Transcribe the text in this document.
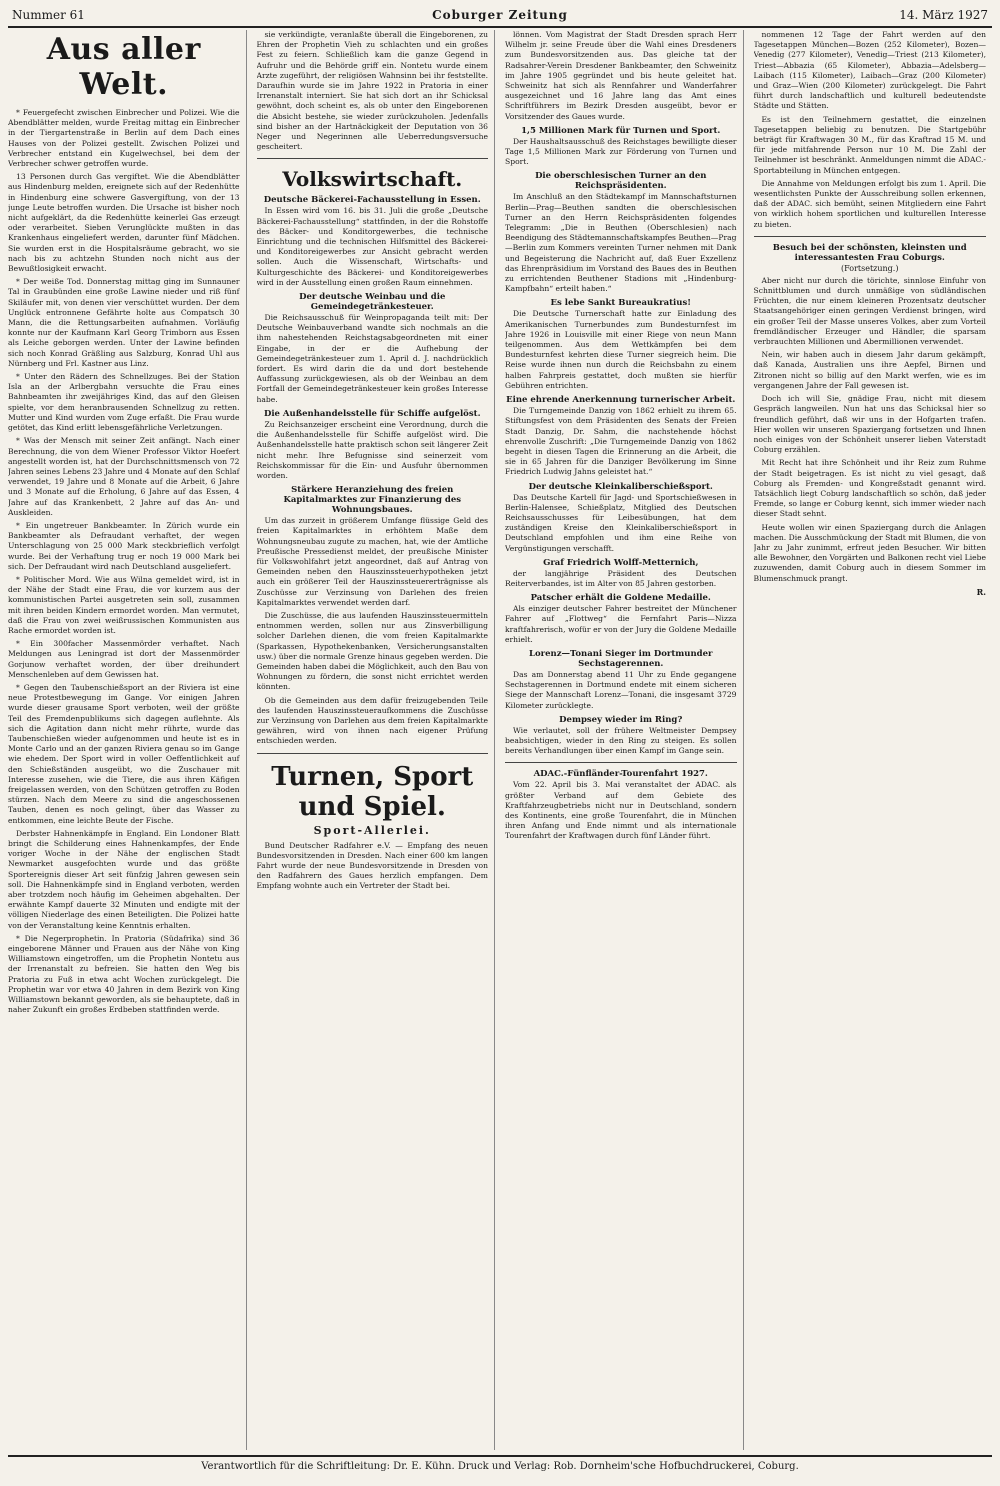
Nummer 61	Coburger Zeitung	14. März 1927
Aus aller Welt.

* Feuergefecht zwischen Einbrecher und Polizei. Wie die Abendblätter melden, wurde Freitag mittag ein Einbrecher in der Tiergartenstraße in Berlin auf dem Dach eines Hauses von der Polizei gestellt. Zwischen Polizei und Verbrecher entstand ein Kugelwechsel, bei dem der Verbrecher schwer getroffen wurde.

13 Personen durch Gas vergiftet. Wie die Abendblätter aus Hindenburg melden, ereignete sich auf der Redenhütte in Hindenburg eine schwere Gasvergiftung, von der 13 junge Leute betroffen wurden. Die Ursache ist bisher noch nicht aufgeklärt, da die Redenhütte keinerlei Gas erzeugt oder verarbeitet. Sieben Verunglückte mußten in das Krankenhaus eingeliefert werden, darunter fünf Mädchen. Sie wurden erst in die Hospitalsräume gebracht, wo sie nach bis zu achtzehn Stunden noch nicht aus der Bewußtlosigkeit erwacht.

* Der weiße Tod. Donnerstag mittag ging im Sunnauner Tal in Graubünden eine große Lawine nieder und riß fünf Skiläufer mit, von denen vier verschüttet wurden. Der dem Unglück entronnene Gefährte holte aus Compatsch 30 Mann, die die Rettungsarbeiten aufnahmen. Vorläufig konnte nur der Kaufmann Karl Georg Trimborn aus Essen als Leiche geborgen werden. Unter der Lawine befinden sich noch Konrad Gräßling aus Salzburg, Konrad Uhl aus Nürnberg und Frl. Kastner aus Linz.

* Unter den Rädern des Schnellzuges. Bei der Station Isla an der Arlbergbahn versuchte die Frau eines Bahnbeamten ihr zweijähriges Kind, das auf den Gleisen spielte, vor dem heranbrausenden Schnellzug zu retten. Mutter und Kind wurden vom Zuge erfaßt. Die Frau wurde getötet, das Kind erlitt lebensgefährliche Verletzungen.

* Was der Mensch mit seiner Zeit anfängt. Nach einer Berechnung, die von dem Wiener Professor Viktor Hoefert angestellt worden ist, hat der Durchschnittsmensch von 72 Jahren seines Lebens 23 Jahre und 4 Monate auf den Schlaf verwendet, 19 Jahre und 8 Monate auf die Arbeit, 6 Jahre und 3 Monate auf die Erholung, 6 Jahre auf das Essen, 4 Jahre auf das Krankenbett, 2 Jahre auf das An- und Auskleiden.

* Ein ungetreuer Bankbeamter. In Zürich wurde ein Bankbeamter als Defraudant verhaftet, der wegen Unterschlagung von 25 000 Mark steckbrieflich verfolgt wurde. Bei der Verhaftung trug er noch 19 000 Mark bei sich. Der Defraudant wird nach Deutschland ausgeliefert.

* Politischer Mord. Wie aus Wilna gemeldet wird, ist in der Nähe der Stadt eine Frau, die vor kurzem aus der kommunistischen Partei ausgetreten sein soll, zusammen mit ihren beiden Kindern ermordet worden. Man vermutet, daß die Frau von zwei weißrussischen Kommunisten aus Rache ermordet worden ist.

* Ein 300facher Massenmörder verhaftet. Nach Meldungen aus Leningrad ist dort der Massenmörder Gorjunow verhaftet worden, der über dreihundert Menschenleben auf dem Gewissen hat.

* Gegen den Taubenschießsport an der Riviera ist eine neue Protestbewegung im Gange. Vor einigen Jahren wurde dieser grausame Sport verboten, weil der größte Teil des Fremdenpublikums sich dagegen auflehnte. Als sich die Agitation dann nicht mehr rührte, wurde das Taubenschießen wieder aufgenommen und heute ist es in Monte Carlo und an der ganzen Riviera genau so im Gange wie ehedem. Der Sport wird in voller Oeffentlichkeit auf den Schießständen ausgeübt, wo die Zuschauer mit Interesse zusehen, wie die Tiere, die aus ihren Käfigen freigelassen werden, von den Schützen getroffen zu Boden stürzen. Nach dem Meere zu sind die angeschossenen Tauben, denen es noch gelingt, über das Wasser zu entkommen, eine leichte Beute der Fische.

Derbster Hahnenkämpfe in England. Ein Londoner Blatt bringt die Schilderung eines Hahnenkampfes, der Ende voriger Woche in der Nähe der englischen Stadt Newmarket ausgefochten wurde und das größte Sportereignis dieser Art seit fünfzig Jahren gewesen sein soll. Die Hahnenkämpfe sind in England verboten, werden aber trotzdem noch häufig im Geheimen abgehalten. Der erwähnte Kampf dauerte 32 Minuten und endigte mit der völligen Niederlage des einen Beteiligten. Die Polizei hatte von der Veranstaltung keine Kenntnis erhalten.

* Die Negerprophetin. In Pratoria (Südafrika) sind 36 eingeborene Männer und Frauen aus der Nähe von King Williamstown eingetroffen, um die Prophetin Nontetu aus der Irrenanstalt zu befreien. Sie hatten den Weg bis Pratoria zu Fuß in etwa acht Wochen zurückgelegt. Die Prophetin war vor etwa 40 Jahren in dem Bezirk von King Williamstown bekannt geworden, als sie behauptete, daß in naher Zukunft ein großes Erdbeben stattfinden werde.

sie verkündigte, veranlaßte überall die Eingeborenen, zu Ehren der Prophetin Vieh zu schlachten und ein großes Fest zu feiern. Schließlich kam die ganze Gegend in Aufruhr und die Behörde griff ein. Nontetu wurde einem Arzte zugeführt, der religiösen Wahnsinn bei ihr feststellte. Daraufhin wurde sie im Jahre 1922 in Pratoria in einer Irrenanstalt interniert. Sie hat sich dort an ihr Schicksal gewöhnt, doch scheint es, als ob unter den Eingeborenen die Absicht bestehe, sie wieder zurückzuholen. Jedenfalls sind bisher an der Hartnäckigkeit der Deputation von 36 Neger und Negerinnen alle Ueberredungsversuche gescheitert.

Volkswirtschaft.
Deutsche Bäckerei-Fachausstellung in Essen.

In Essen wird vom 16. bis 31. Juli die große „Deutsche Bäckerei-Fachausstellung“ stattfinden, in der die Rohstoffe des Bäcker- und Konditorgewerbes, die technische Einrichtung und die technischen Hilfsmittel des Bäckerei- und Konditoreigewerbes zur Ansicht gebracht werden sollen. Auch die Wissenschaft, Wirtschafts- und Kulturgeschichte des Bäckerei- und Konditoreigewerbes wird in der Ausstellung einen großen Raum einnehmen.

Der deutsche Weinbau und die Gemeindegetränkesteuer.

Die Reichsausschuß für Weinpropaganda teilt mit: Der Deutsche Weinbauverband wandte sich nochmals an die ihm nahestehenden Reichstagsabgeordneten mit einer Eingabe, in der er die Aufhebung der Gemeindegetränkesteuer zum 1. April d. J. nachdrücklich fordert. Es wird darin die da und dort bestehende Auffassung zurückgewiesen, als ob der Weinbau an dem Fortfall der Gemeindegetränkesteuer kein großes Interesse habe.

Die Außenhandelsstelle für Schiffe aufgelöst.

Zu Reichsanzeiger erscheint eine Verordnung, durch die die Außenhandelsstelle für Schiffe aufgelöst wird. Die Außenhandelsstelle hatte praktisch schon seit längerer Zeit nicht mehr. Ihre Befugnisse sind seinerzeit vom Reichskommissar für die Ein- und Ausfuhr übernommen worden.

Stärkere Heranziehung des freien Kapitalmarktes zur Finanzierung des Wohnungsbaues.

Um das zurzeit in größerem Umfange flüssige Geld des freien Kapitalmarktes in erhöhtem Maße dem Wohnungsneubau zugute zu machen, hat, wie der Amtliche Preußische Pressedienst meldet, der preußische Minister für Volkswohlfahrt jetzt angeordnet, daß auf Antrag von Gemeinden neben den Hauszinssteuerhypotheken jetzt auch ein größerer Teil der Hauszinssteuererträgnisse als Zuschüsse zur Verzinsung von Darlehen des freien Kapitalmarktes verwendet werden darf.

Die Zuschüsse, die aus laufenden Hauszinssteuermitteln entnommen werden, sollen nur aus Zinsverbilligung solcher Darlehen dienen, die vom freien Kapitalmarkte (Sparkassen, Hypothekenbanken, Versicherungsanstalten usw.) über die normale Grenze hinaus gegeben werden. Die Gemeinden haben dabei die Möglichkeit, auch den Bau von Wohnungen zu fördern, die sonst nicht errichtet werden könnten.

Ob die Gemeinden aus dem dafür freizugebenden Teile des laufenden Hauszinssteueraufkommens die Zuschüsse zur Verzinsung von Darlehen aus dem freien Kapitalmarkte gewähren, wird von ihnen nach eigener Prüfung entschieden werden.

Turnen, Sport und Spiel.
Sport-Allerlei.

Bund Deutscher Radfahrer e.V. — Empfang des neuen Bundesvorsitzenden in Dresden. Nach einer 600 km langen Fahrt wurde der neue Bundesvorsitzende in Dresden von den Radfahrern des Gaues herzlich empfangen. Dem Empfang wohnte auch ein Vertreter der Stadt bei.

lönnen. Vom Magistrat der Stadt Dresden sprach Herr Wilhelm jr. seine Freude über die Wahl eines Dresdeners zum Bundesvorsitzenden aus. Das gleiche tat der Radsahrer-Verein Dresdener Bankbeamter, den Schweinitz im Jahre 1905 gegründet und bis heute geleitet hat. Schweinitz hat sich als Rennfahrer und Wanderfahrer ausgezeichnet und 16 Jahre lang das Amt eines Schriftführers im Bezirk Dresden ausgeübt, bevor er Vorsitzender des Gaues wurde.

1,5 Millionen Mark für Turnen und Sport.

Der Haushaltsausschuß des Reichstages bewilligte dieser Tage 1,5 Millionen Mark zur Förderung von Turnen und Sport.

Die oberschlesischen Turner an den Reichspräsidenten.

Im Anschluß an den Städtekampf im Mannschaftsturnen Berlin—Prag—Beuthen sandten die oberschlesischen Turner an den Herrn Reichspräsidenten folgendes Telegramm: „Die in Beuthen (Oberschlesien) nach Beendigung des Städtemannschaftskampfes Beuthen—Prag—Berlin zum Kommers vereinten Turner nehmen mit Dank und Begeisterung die Nachricht auf, daß Euer Exzellenz das Ehrenpräsidium im Vorstand des Baues des in Beuthen zu errichtenden Beuthener Stadions mit „Hindenburg-Kampfbahn“ erteilt haben.“

Es lebe Sankt Bureaukratius!

Die Deutsche Turnerschaft hatte zur Einladung des Amerikanischen Turnerbundes zum Bundesturnfest im Jahre 1926 in Louisville mit einer Riege von neun Mann teilgenommen. Aus dem Wettkämpfen bei dem Bundesturnfest kehrten diese Turner siegreich heim. Die Reise wurde ihnen nun durch die Reichsbahn zu einem halben Fahrpreis gestattet, doch mußten sie hierfür Gebühren entrichten.

Eine ehrende Anerkennung turnerischer Arbeit.

Die Turngemeinde Danzig von 1862 erhielt zu ihrem 65. Stiftungsfest von dem Präsidenten des Senats der Freien Stadt Danzig, Dr. Sahm, die nachstehende höchst ehrenvolle Zuschrift: „Die Turngemeinde Danzig von 1862 begeht in diesen Tagen die Erinnerung an die Arbeit, die sie in 65 Jahren für die Danziger Bevölkerung im Sinne Friedrich Ludwig Jahns geleistet hat.“

Der deutsche Kleinkaliberschießsport.

Das Deutsche Kartell für Jagd- und Sportschießwesen in Berlin-Halensee, Schießplatz, Mitglied des Deutschen Reichsausschusses für Leibesübungen, hat dem zuständigen Kreise den Kleinkaliberschießsport in Deutschland empfohlen und ihm eine Reihe von Vergünstigungen verschafft.

Graf Friedrich Wolff-Metternich,

der langjährige Präsident des Deutschen Reiterverbandes, ist im Alter von 85 Jahren gestorben.

Patscher erhält die Goldene Medaille.

Als einziger deutscher Fahrer bestreitet der Münchener Fahrer auf „Flottweg“ die Fernfahrt Paris—Nizza kraftfahrerisch, wofür er von der Jury die Goldene Medaille erhielt.

Lorenz—Tonani Sieger im Dortmunder Sechstagerennen.

Das am Donnerstag abend 11 Uhr zu Ende gegangene Sechstagerennen in Dortmund endete mit einem sicheren Siege der Mannschaft Lorenz—Tonani, die insgesamt 3729 Kilometer zurücklegte.

Dempsey wieder im Ring?

Wie verlautet, soll der frühere Weltmeister Dempsey beabsichtigen, wieder in den Ring zu steigen. Es sollen bereits Verhandlungen über einen Kampf im Gange sein.

ADAC.-Fünfländer-Tourenfahrt 1927.

Vom 22. April bis 3. Mai veranstaltet der ADAC. als größter Verband auf dem Gebiete des Kraftfahrzeugbetriebs nicht nur in Deutschland, sondern des Kontinents, eine große Tourenfahrt, die in München ihren Anfang und Ende nimmt und als internationale Tourenfahrt der Kraftwagen durch fünf Länder führt.

nommenen 12 Tage der Fahrt werden auf den Tagesetappen München—Bozen (252 Kilometer), Bozen—Venedig (277 Kilometer), Venedig—Triest (213 Kilometer), Triest—Abbazia (65 Kilometer), Abbazia—Adelsberg—Laibach (115 Kilometer), Laibach—Graz (200 Kilometer) und Graz—Wien (200 Kilometer) zurückgelegt. Die Fahrt führt durch landschaftlich und kulturell bedeutendste Städte und Stätten.

Es ist den Teilnehmern gestattet, die einzelnen Tagesetappen beliebig zu benutzen. Die Startgebühr beträgt für Kraftwagen 30 M., für das Kraftrad 15 M. und für jede mitfahrende Person nur 10 M. Die Zahl der Teilnehmer ist beschränkt. Anmeldungen nimmt die ADAC.-Sportabteilung in München entgegen.

Die Annahme von Meldungen erfolgt bis zum 1. April. Die wesentlichsten Punkte der Ausschreibung sollen erkennen, daß der ADAC. sich bemüht, seinen Mitgliedern eine Fahrt von wirklich hohem sportlichen und kulturellen Interesse zu bieten.

Besuch bei der schönsten, kleinsten und interessantesten Frau Coburgs.
(Fortsetzung.)

Aber nicht nur durch die törichte, sinnlose Einfuhr von Schnittblumen und durch unmäßige von südländischen Früchten, die nur einem kleineren Prozentsatz deutscher Staatsangehöriger einen geringen Verdienst bringen, wird ein großer Teil der Masse unseres Volkes, aber zum Vorteil fremdländischer Erzeuger und Händler, die sparsam verbrauchten Millionen und Abermillionen verwendet.

Nein, wir haben auch in diesem Jahr darum gekämpft, daß Kanada, Australien uns ihre Aepfel, Birnen und Zitronen nicht so billig auf den Markt werfen, wie es im vergangenen Jahre der Fall gewesen ist.

Doch ich will Sie, gnädige Frau, nicht mit diesem Gespräch langweilen. Nun hat uns das Schicksal hier so freundlich geführt, daß wir uns in der Hofgarten trafen. Hier wollen wir unseren Spaziergang fortsetzen und Ihnen noch einiges von der Schönheit unserer lieben Vaterstadt Coburg erzählen.

Mit Recht hat ihre Schönheit und ihr Reiz zum Ruhme der Stadt beigetragen. Es ist nicht zu viel gesagt, daß Coburg als Fremden- und Kongreßstadt genannt wird. Tatsächlich liegt Coburg landschaftlich so schön, daß jeder Fremde, so lange er Coburg kennt, sich immer wieder nach dieser Stadt sehnt.

Heute wollen wir einen Spaziergang durch die Anlagen machen. Die Ausschmückung der Stadt mit Blumen, die von Jahr zu Jahr zunimmt, erfreut jeden Besucher. Wir bitten alle Bewohner, den Vorgärten und Balkonen recht viel Liebe zuzuwenden, damit Coburg auch in diesem Sommer im Blumenschmuck prangt.

R.
Verantwortlich für die Schriftleitung: Dr. E. Kühn. Druck und Verlag: Rob. Dornheim'sche Hofbuchdruckerei, Coburg.
